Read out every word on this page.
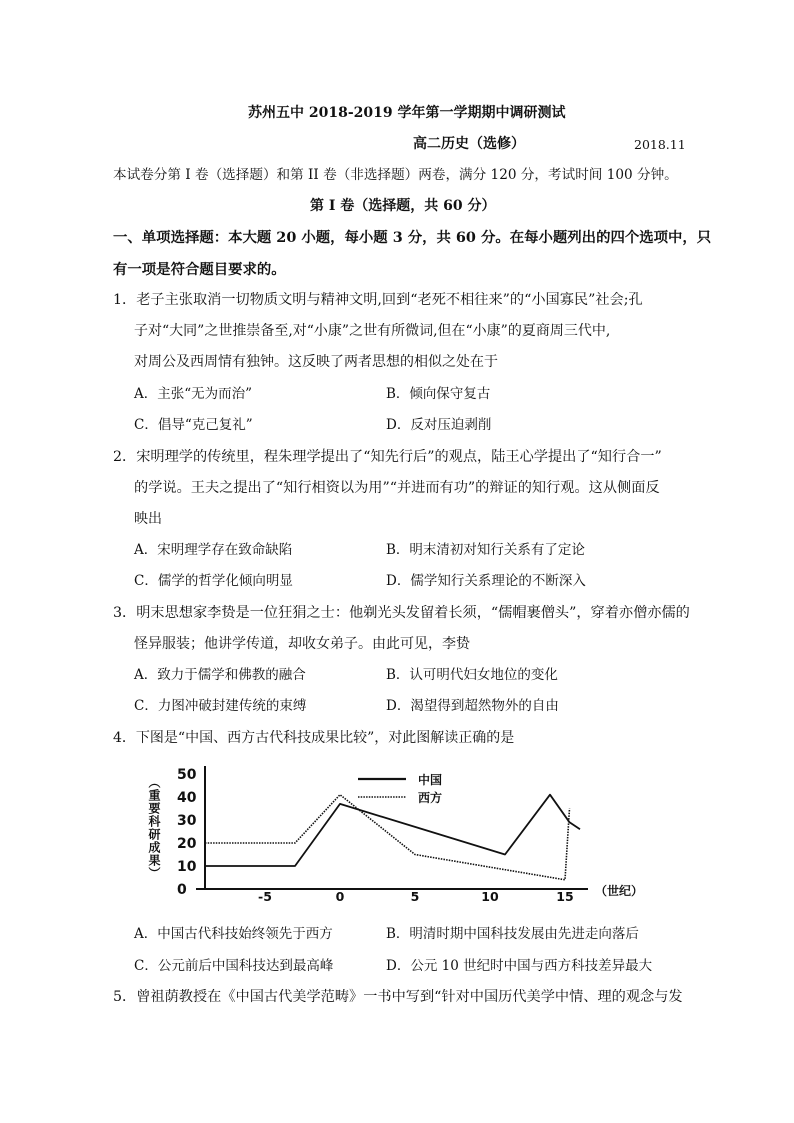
苏州五中 2018-2019 学年第一学期期中调研测试
高二历史（选修）	2018.11
本试卷分第 I 卷（选择题）和第 II 卷（非选择题）两卷，满分 120 分，考试时间 100 分钟。
第 I 卷（选择题，共 60 分）
一、单项选择题：本大题 20 小题，每小题 3 分，共 60 分。在每小题列出的四个选项中，只
有一项是符合题目要求的。
1．老子主张取消一切物质文明与精神文明,回到“老死不相往来”的“小国寡民”社会;孔
子对“大同”之世推崇备至,对“小康”之世有所微词,但在“小康”的夏商周三代中,
对周公及西周情有独钟。这反映了两者思想的相似之处在于
A．主张“无为而治”	B．倾向保守复古
C．倡导“克己复礼”	D．反对压迫剥削
2．宋明理学的传统里，程朱理学提出了“知先行后”的观点，陆王心学提出了“知行合一”
的学说。王夫之提出了“知行相资以为用”“并进而有功”的辩证的知行观。这从侧面反
映出
A．宋明理学存在致命缺陷	B．明末清初对知行关系有了定论
C．儒学的哲学化倾向明显	D．儒学知行关系理论的不断深入
3．明末思想家李贽是一位狂狷之士：他剃光头发留着长须，“儒帽裹僧头”，穿着亦僧亦儒的
怪异服装；他讲学传道，却收女弟子。由此可见，李贽
A．致力于儒学和佛教的融合	B．认可明代妇女地位的变化
C．力图冲破封建传统的束缚	D．渴望得到超然物外的自由
4．下图是“中国、西方古代科技成果比较”，对此图解读正确的是
0
10
20
30
40
50
-5	0	5	10	15
（重要科研成果）
（世纪）
中国
西方
A．中国古代科技始终领先于西方	B．明清时期中国科技发展由先进走向落后
C．公元前后中国科技达到最高峰	D．公元 10 世纪时中国与西方科技差异最大
5．曾祖荫教授在《中国古代美学范畴》一书中写到“针对中国历代美学中情、理的观念与发
